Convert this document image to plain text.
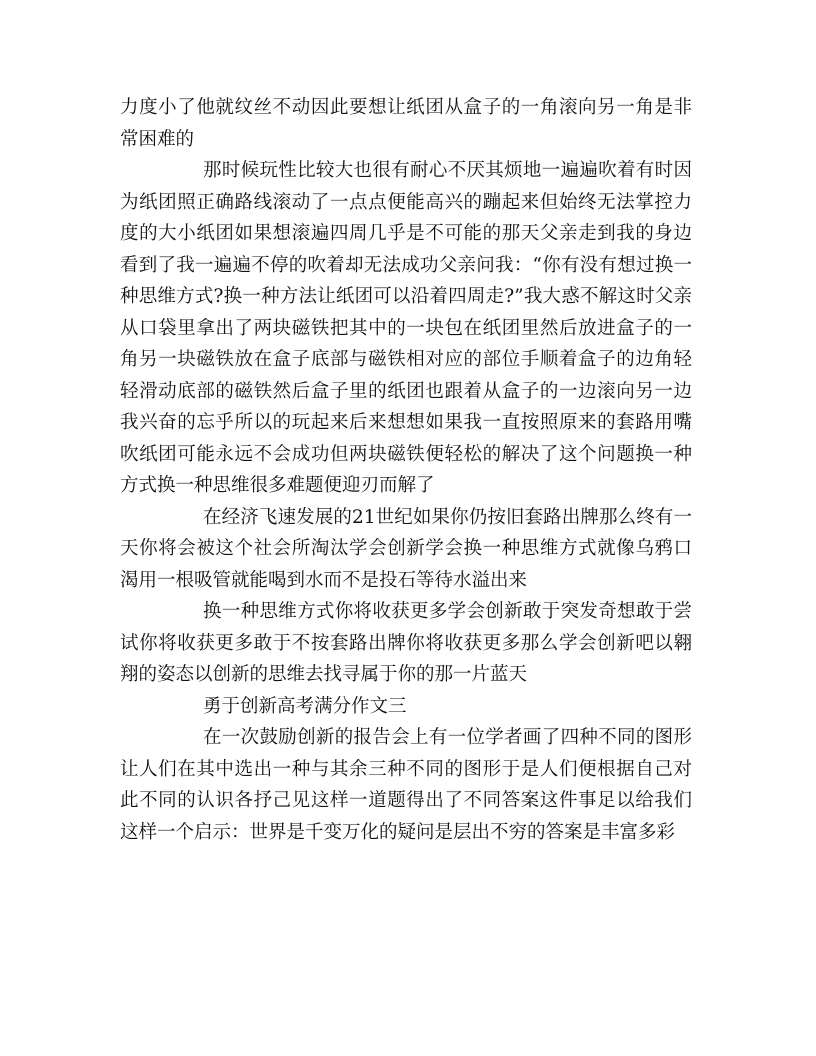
力度小了他就纹丝不动因此要想让纸团从盒子的一角滚向另一角是非常困难的

那时候玩性比较大也很有耐心不厌其烦地一遍遍吹着有时因为纸团照正确路线滚动了一点点便能高兴的蹦起来但始终无法掌控力度的大小纸团如果想滚遍四周几乎是不可能的那天父亲走到我的身边看到了我一遍遍不停的吹着却无法成功父亲问我：“你有没有想过换一种思维方式?换一种方法让纸团可以沿着四周走?”我大惑不解这时父亲从口袋里拿出了两块磁铁把其中的一块包在纸团里然后放进盒子的一角另一块磁铁放在盒子底部与磁铁相对应的部位手顺着盒子的边角轻轻滑动底部的磁铁然后盒子里的纸团也跟着从盒子的一边滚向另一边我兴奋的忘乎所以的玩起来后来想想如果我一直按照原来的套路用嘴吹纸团可能永远不会成功但两块磁铁便轻松的解决了这个问题换一种方式换一种思维很多难题便迎刃而解了

在经济飞速发展的21世纪如果你仍按旧套路出牌那么终有一天你将会被这个社会所淘汰学会创新学会换一种思维方式就像乌鸦口渴用一根吸管就能喝到水而不是投石等待水溢出来

换一种思维方式你将收获更多学会创新敢于突发奇想敢于尝试你将收获更多敢于不按套路出牌你将收获更多那么学会创新吧以翱翔的姿态以创新的思维去找寻属于你的那一片蓝天

勇于创新高考满分作文三

在一次鼓励创新的报告会上有一位学者画了四种不同的图形让人们在其中选出一种与其余三种不同的图形于是人们便根据自己对此不同的认识各抒己见这样一道题得出了不同答案这件事足以给我们这样一个启示：世界是千变万化的疑问是层出不穷的答案是丰富多彩
